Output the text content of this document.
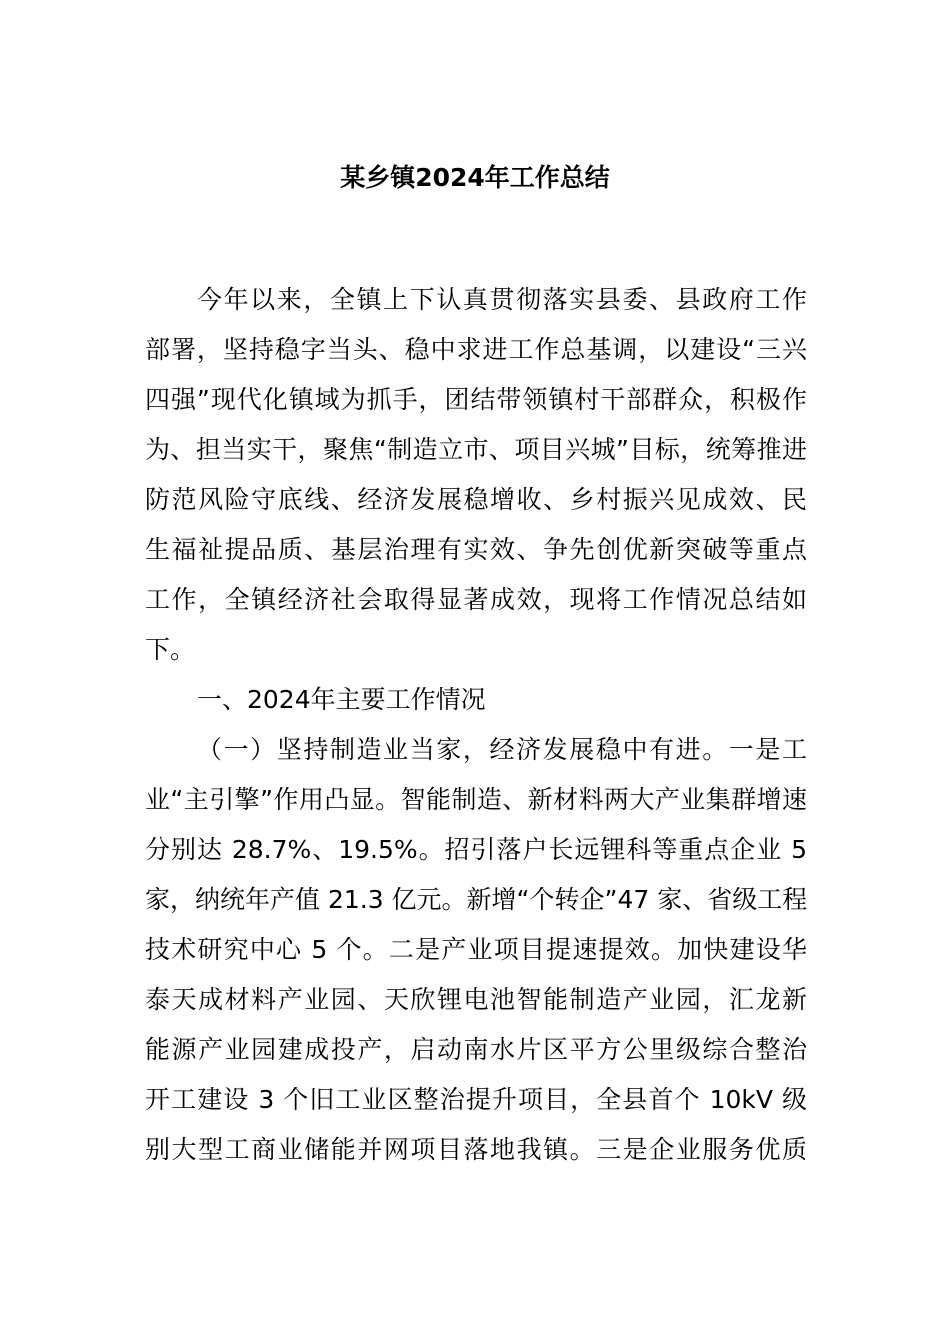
某乡镇2024年工作总结
今年以来，全镇上下认真贯彻落实县委、县政府工作
部署，坚持稳字当头、稳中求进工作总基调，以建设“三兴
四强”现代化镇域为抓手，团结带领镇村干部群众，积极作
为、担当实干，聚焦“制造立市、项目兴城”目标，统筹推进
防范风险守底线、经济发展稳增收、乡村振兴见成效、民
生福祉提品质、基层治理有实效、争先创优新突破等重点
工作，全镇经济社会取得显著成效，现将工作情况总结如
下。
一、2024年主要工作情况
（一）坚持制造业当家，经济发展稳中有进。一是工
业“主引擎”作用凸显。智能制造、新材料两大产业集群增速
分别达 28.7%、19.5%。招引落户长远锂科等重点企业 5
家，纳统年产值 21.3 亿元。新增“个转企”47 家、省级工程
技术研究中心 5 个。二是产业项目提速提效。加快建设华
泰天成材料产业园、天欣锂电池智能制造产业园，汇龙新
能源产业园建成投产，启动南水片区平方公里级综合整治
开工建设 3 个旧工业区整治提升项目，全县首个 10kV 级
别大型工商业储能并网项目落地我镇。三是企业服务优质
